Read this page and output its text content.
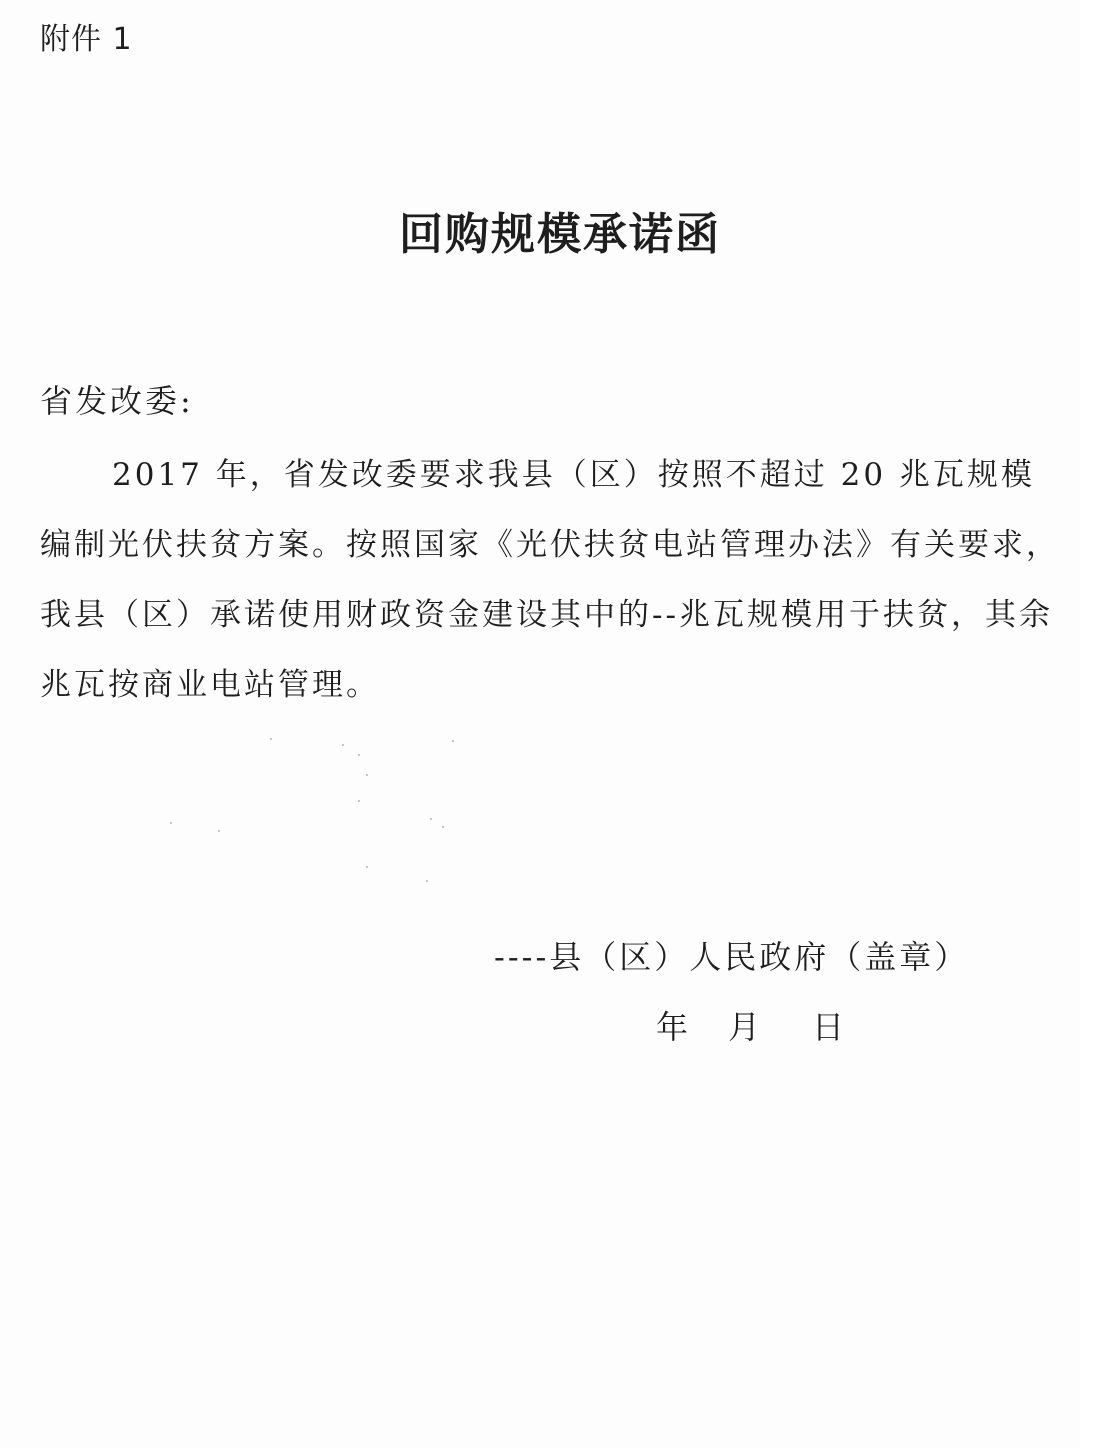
附件 1
回购规模承诺函
省发改委:

2017 年，省发改委要求我县（区）按照不超过 20 兆瓦规模编制光伏扶贫方案。按照国家《光伏扶贫电站管理办法》有关要求，我县（区）承诺使用财政资金建设其中的--兆瓦规模用于扶贫，其余　兆瓦按商业电站管理。

----县（区）人民政府（盖章）
年 月 日
